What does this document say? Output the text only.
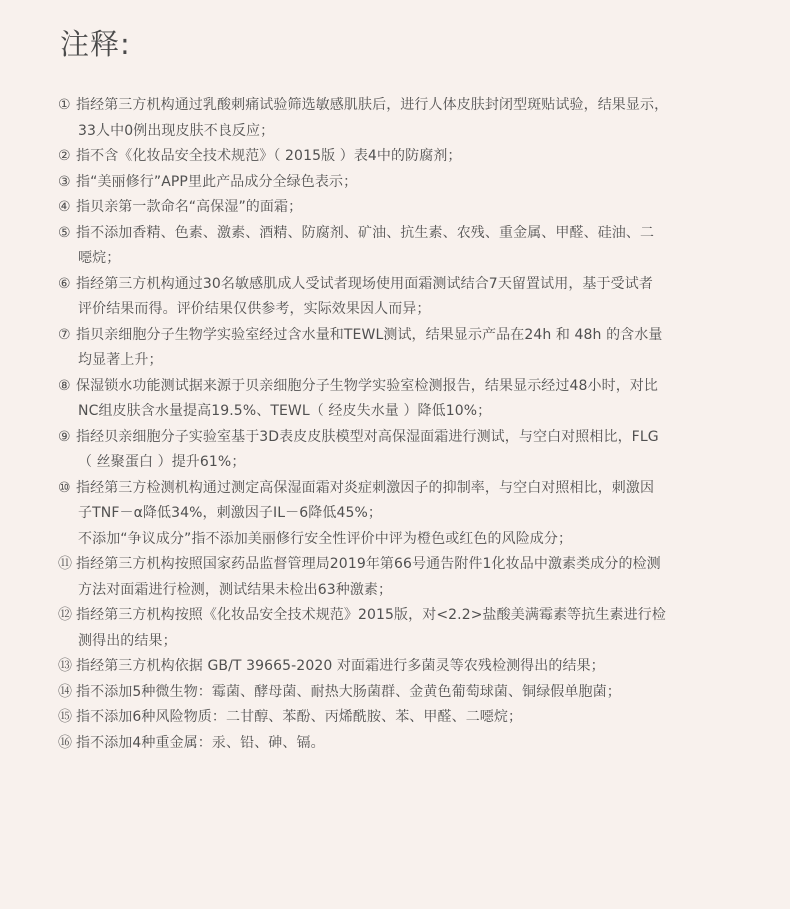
注释:
① 指经第三方机构通过乳酸刺痛试验筛选敏感肌肤后，进行人体皮肤封闭型斑贴试验，结果显示，
33人中0例出现皮肤不良反应；
② 指不含《化妆品安全技术规范》（ 2015版 ）表4中的防腐剂；
③ 指“美丽修行”APP里此产品成分全绿色表示；
④ 指贝亲第一款命名“高保湿”的面霜；
⑤ 指不添加香精、色素、激素、酒精、防腐剂、矿油、抗生素、农残、重金属、甲醛、硅油、二
噁烷；
⑥ 指经第三方机构通过30名敏感肌成人受试者现场使用面霜测试结合7天留置试用，基于受试者
评价结果而得。评价结果仅供参考，实际效果因人而异；
⑦ 指贝亲细胞分子生物学实验室经过含水量和TEWL测试，结果显示产品在24h 和 48h 的含水量
均显著上升；
⑧ 保湿锁水功能测试据来源于贝亲细胞分子生物学实验室检测报告，结果显示经过48小时，对比
NC组皮肤含水量提高19.5%、TEWL（ 经皮失水量 ）降低10%；
⑨ 指经贝亲细胞分子实验室基于3D表皮皮肤模型对高保湿面霜进行测试，与空白对照相比，FLG
（ 丝聚蛋白 ）提升61%；
⑩ 指经第三方检测机构通过测定高保湿面霜对炎症刺激因子的抑制率，与空白对照相比，刺激因
子TNF－α降低34%，刺激因子IL－6降低45%；
不添加“争议成分”指不添加美丽修行安全性评价中评为橙色或红色的风险成分；
⑪ 指经第三方机构按照国家药品监督管理局2019年第66号通告附件1化妆品中激素类成分的检测
方法对面霜进行检测，测试结果未检出63种激素；
⑫ 指经第三方机构按照《化妆品安全技术规范》2015版，对<2.2>盐酸美满霉素等抗生素进行检
测得出的结果；
⑬ 指经第三方机构依据 GB/T 39665-2020 对面霜进行多菌灵等农残检测得出的结果；
⑭ 指不添加5种微生物：霉菌、酵母菌、耐热大肠菌群、金黄色葡萄球菌、铜绿假单胞菌；
⑮ 指不添加6种风险物质：二甘醇、苯酚、丙烯酰胺、苯、甲醛、二噁烷；
⑯ 指不添加4种重金属：汞、铅、砷、镉。
